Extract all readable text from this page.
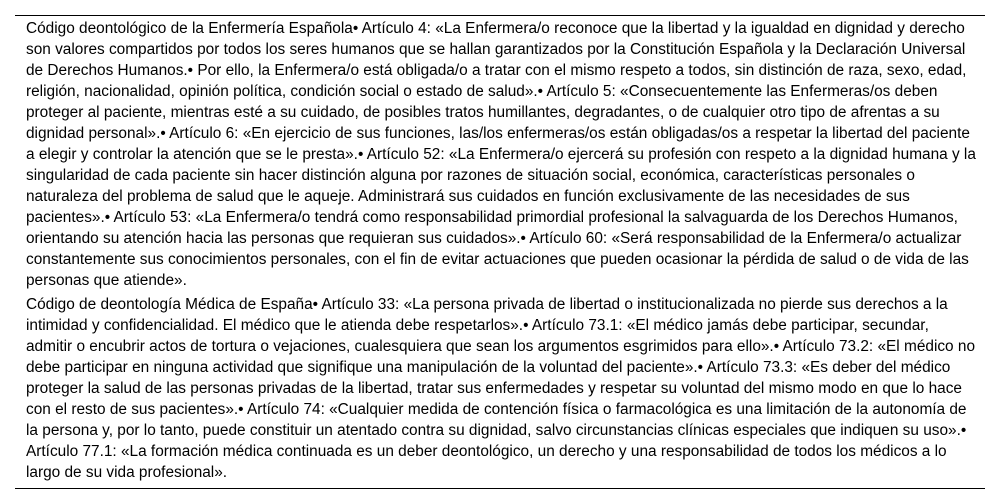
Código deontológico de la Enfermería Española• Artículo 4: «La Enfermera/o reconoce que la libertad y la igualdad en dignidad y derecho son valores compartidos por todos los seres humanos que se hallan garantizados por la Constitución Española y la Declaración Universal de Derechos Humanos.• Por ello, la Enfermera/o está obligada/o a tratar con el mismo respeto a todos, sin distinción de raza, sexo, edad, religión, nacionalidad, opinión política, condición social o estado de salud».• Artículo 5: «Consecuentemente las Enfermeras/os deben proteger al paciente, mientras esté a su cuidado, de posibles tratos humillantes, degradantes, o de cualquier otro tipo de afrentas a su dignidad personal».• Artículo 6: «En ejercicio de sus funciones, las/los enfermeras/os están obligadas/os a respetar la libertad del paciente a elegir y controlar la atención que se le presta».• Artículo 52: «La Enfermera/o ejercerá su profesión con respeto a la dignidad humana y la singularidad de cada paciente sin hacer distinción alguna por razones de situación social, económica, características personales o naturaleza del problema de salud que le aqueje. Administrará sus cuidados en función exclusivamente de las necesidades de sus pacientes».• Artículo 53: «La Enfermera/o tendrá como responsabilidad primordial profesional la salvaguarda de los Derechos Humanos, orientando su atención hacia las personas que requieran sus cuidados».• Artículo 60: «Será responsabilidad de la Enfermera/o actualizar constantemente sus conocimientos personales, con el fin de evitar actuaciones que pueden ocasionar la pérdida de salud o de vida de las personas que atiende».
Código de deontología Médica de España• Artículo 33: «La persona privada de libertad o institucionalizada no pierde sus derechos a la intimidad y confidencialidad. El médico que le atienda debe respetarlos».• Artículo 73.1: «El médico jamás debe participar, secundar, admitir o encubrir actos de tortura o vejaciones, cualesquiera que sean los argumentos esgrimidos para ello».• Artículo 73.2: «El médico no debe participar en ninguna actividad que signifique una manipulación de la voluntad del paciente».• Artículo 73.3: «Es deber del médico proteger la salud de las personas privadas de la libertad, tratar sus enfermedades y respetar su voluntad del mismo modo en que lo hace con el resto de sus pacientes».• Artículo 74: «Cualquier medida de contención física o farmacológica es una limitación de la autonomía de la persona y, por lo tanto, puede constituir un atentado contra su dignidad, salvo circunstancias clínicas especiales que indiquen su uso».• Artículo 77.1: «La formación médica continuada es un deber deontológico, un derecho y una responsabilidad de todos los médicos a lo largo de su vida profesional».
